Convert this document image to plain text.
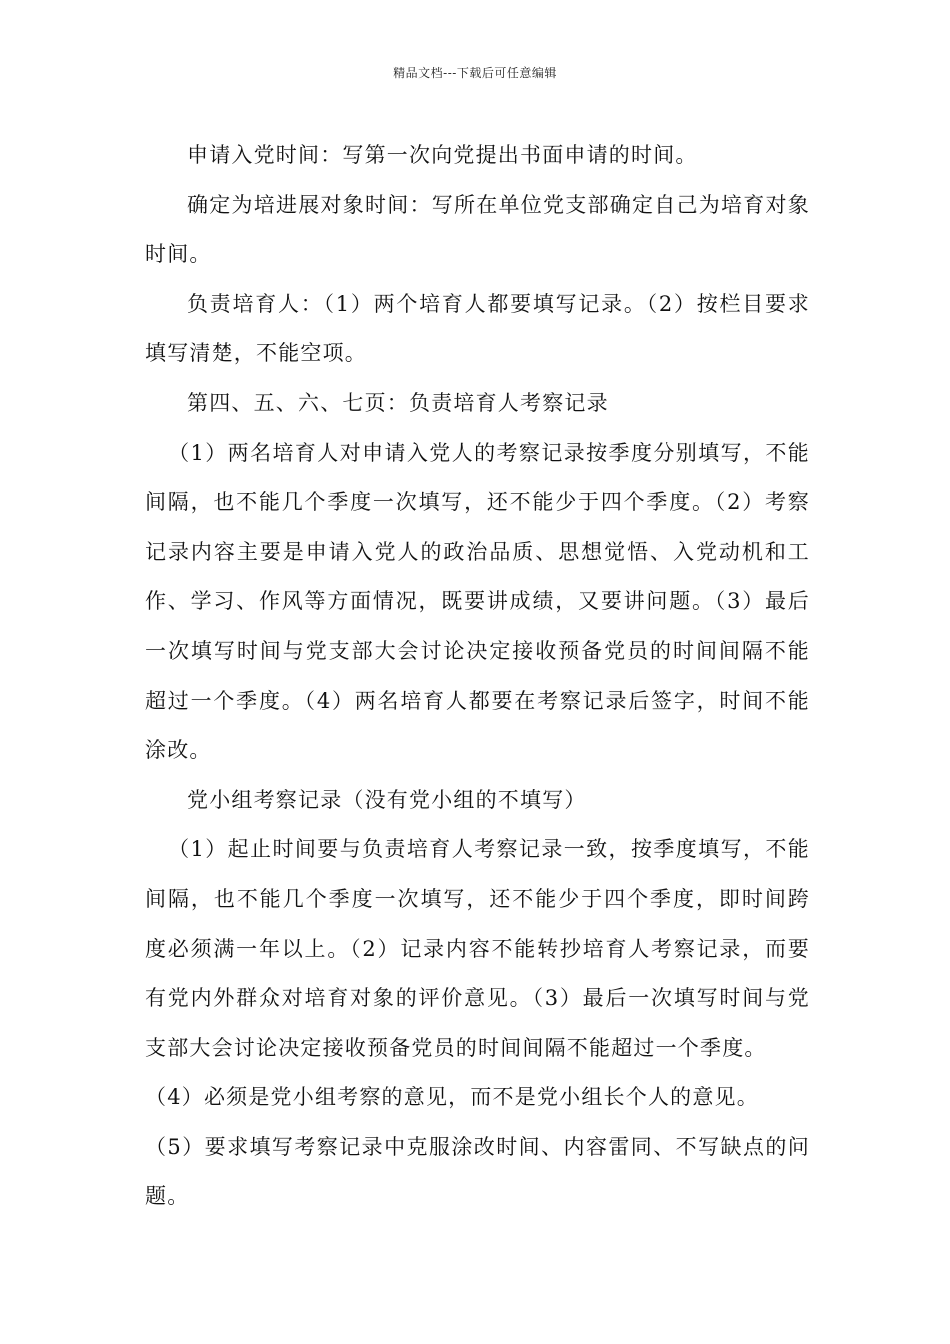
精品文档---下载后可任意编辑

申请入党时间：写第一次向党提出书面申请的时间。

确定为培进展对象时间：写所在单位党支部确定自己为培育对象时间。

负责培育人：（1）两个培育人都要填写记录。（2）按栏目要求填写清楚，不能空项。

第四、五、六、七页：负责培育人考察记录

（1）两名培育人对申请入党人的考察记录按季度分别填写，不能间隔，也不能几个季度一次填写，还不能少于四个季度。（2）考察记录内容主要是申请入党人的政治品质、思想觉悟、入党动机和工作、学习、作风等方面情况，既要讲成绩，又要讲问题。（3）最后一次填写时间与党支部大会讨论决定接收预备党员的时间间隔不能超过一个季度。（4）两名培育人都要在考察记录后签字，时间不能涂改。

党小组考察记录（没有党小组的不填写）

（1）起止时间要与负责培育人考察记录一致，按季度填写，不能间隔，也不能几个季度一次填写，还不能少于四个季度，即时间跨度必须满一年以上。（2）记录内容不能转抄培育人考察记录，而要有党内外群众对培育对象的评价意见。（3）最后一次填写时间与党支部大会讨论决定接收预备党员的时间间隔不能超过一个季度。

（4）必须是党小组考察的意见，而不是党小组长个人的意见。

（5）要求填写考察记录中克服涂改时间、内容雷同、不写缺点的问题。
